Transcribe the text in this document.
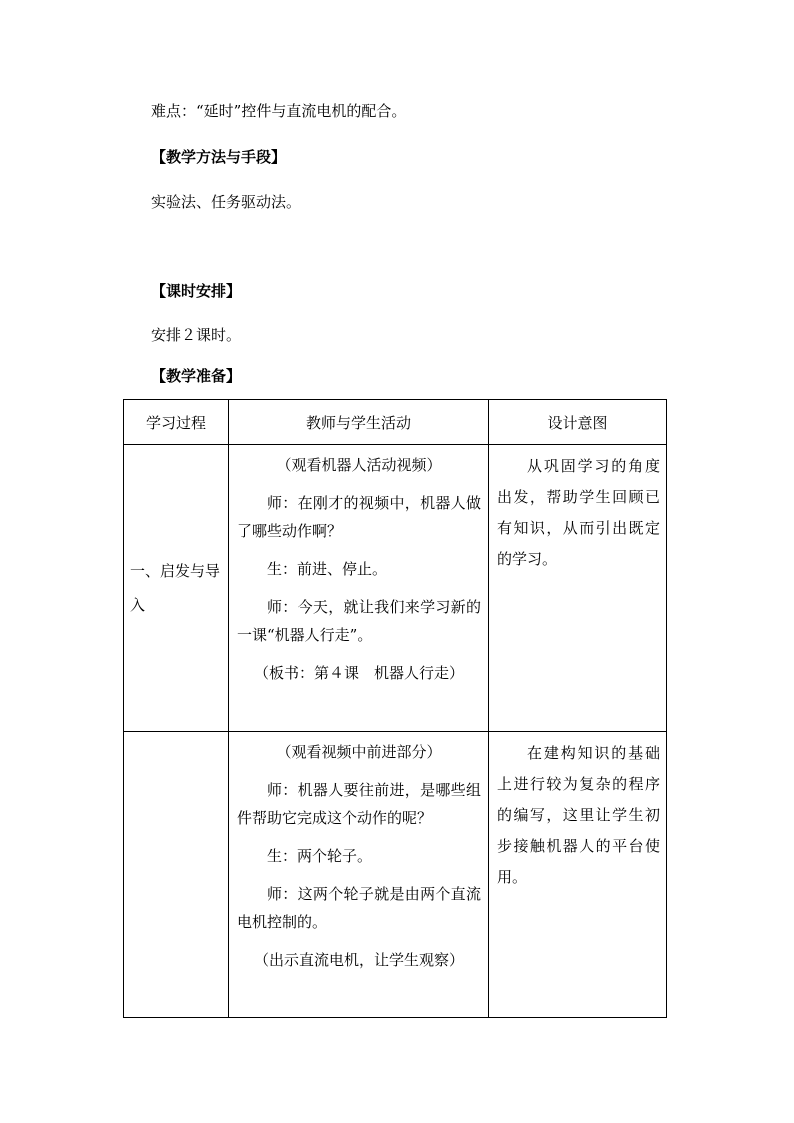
难点：“延时”控件与直流电机的配合。
【教学方法与手段】
实验法、任务驱动法。
【课时安排】
安排２课时。
【教学准备】
学习过程	教师与学生活动	设计意图

一、启发与导入	（观看机器人活动视频）

师：在刚才的视频中，机器人做了哪些动作啊？

生：前进、停止。

师：今天，就让我们来学习新的一课“机器人行走”。

（板书：第４课　机器人行走）	从巩固学习的角度出发，帮助学生回顾已有知识，从而引出既定的学习。

	（观看视频中前进部分）

师：机器人要往前进，是哪些组件帮助它完成这个动作的呢？

生：两个轮子。

师：这两个轮子就是由两个直流电机控制的。

（出示直流电机，让学生观察）	在建构知识的基础上进行较为复杂的程序的编写，这里让学生初步接触机器人的平台使用。
